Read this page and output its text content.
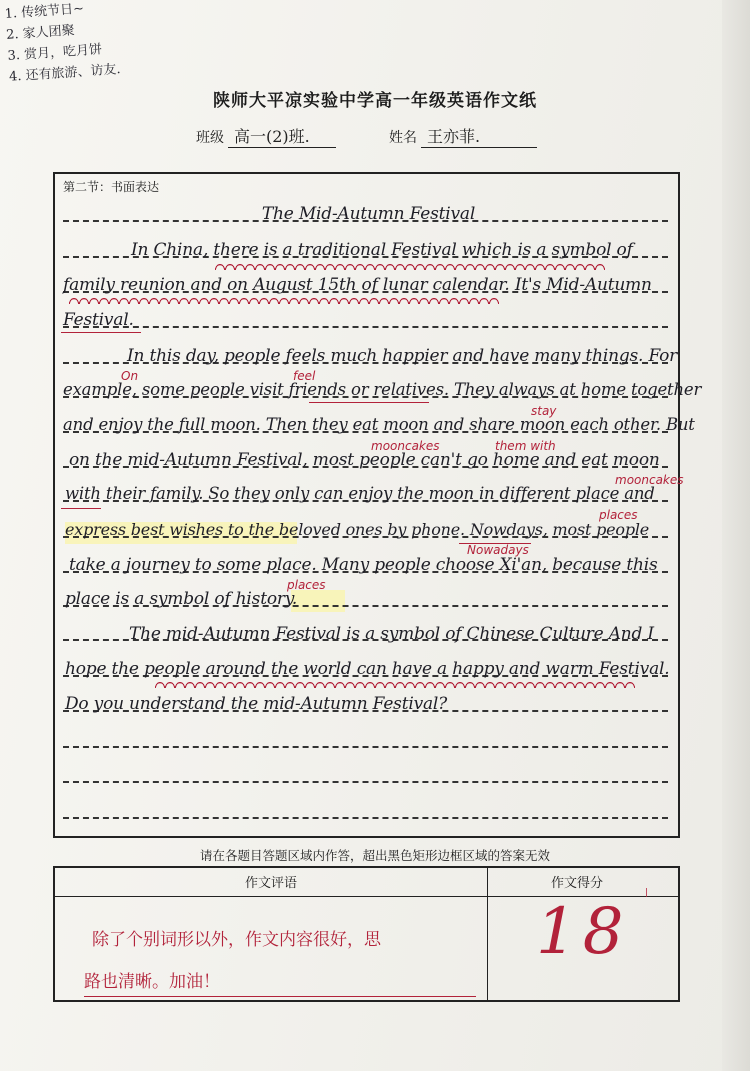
1. 传统节日~
2. 家人团聚
3. 赏月，吃月饼
4. 还有旅游、访友.
陕师大平凉实验中学高一年级英语作文纸
班级 高一(2)班.	姓名 王亦菲.
第二节：书面表达
The Mid-Autumn Festival
In China, there is a traditional Festival which is a symbol of
family reunion and on August 15th of lunar calendar. It's Mid-Autumn
Festival.
In this day, people feels much happier and have many things. For
example, some people visit friends or relatives. They always at home together
and enjoy the full moon. Then they eat moon and share moon each other. But
on the mid-Autumn Festival, most people can't go home and eat moon
with their family. So they only can enjoy the moon in different place and
express best wishes to the beloved ones by phone. Nowdays, most people
take a journey to some place. Many people choose Xi'an, because this
place is a symbol of history.
The mid-Autumn Festival is a symbol of Chinese Culture And I
hope the people around the world can have a happy and warm Festival.
Do you understand the mid-Autumn Festival?
On	feel
stay
mooncakes	them with
mooncakes
places
Nowadays
places
请在各题目答题区域内作答，超出黑色矩形边框区域的答案无效
作文评语	作文得分
除了个别词形以外，作文内容很好，思
路也清晰。加油！
18
|
